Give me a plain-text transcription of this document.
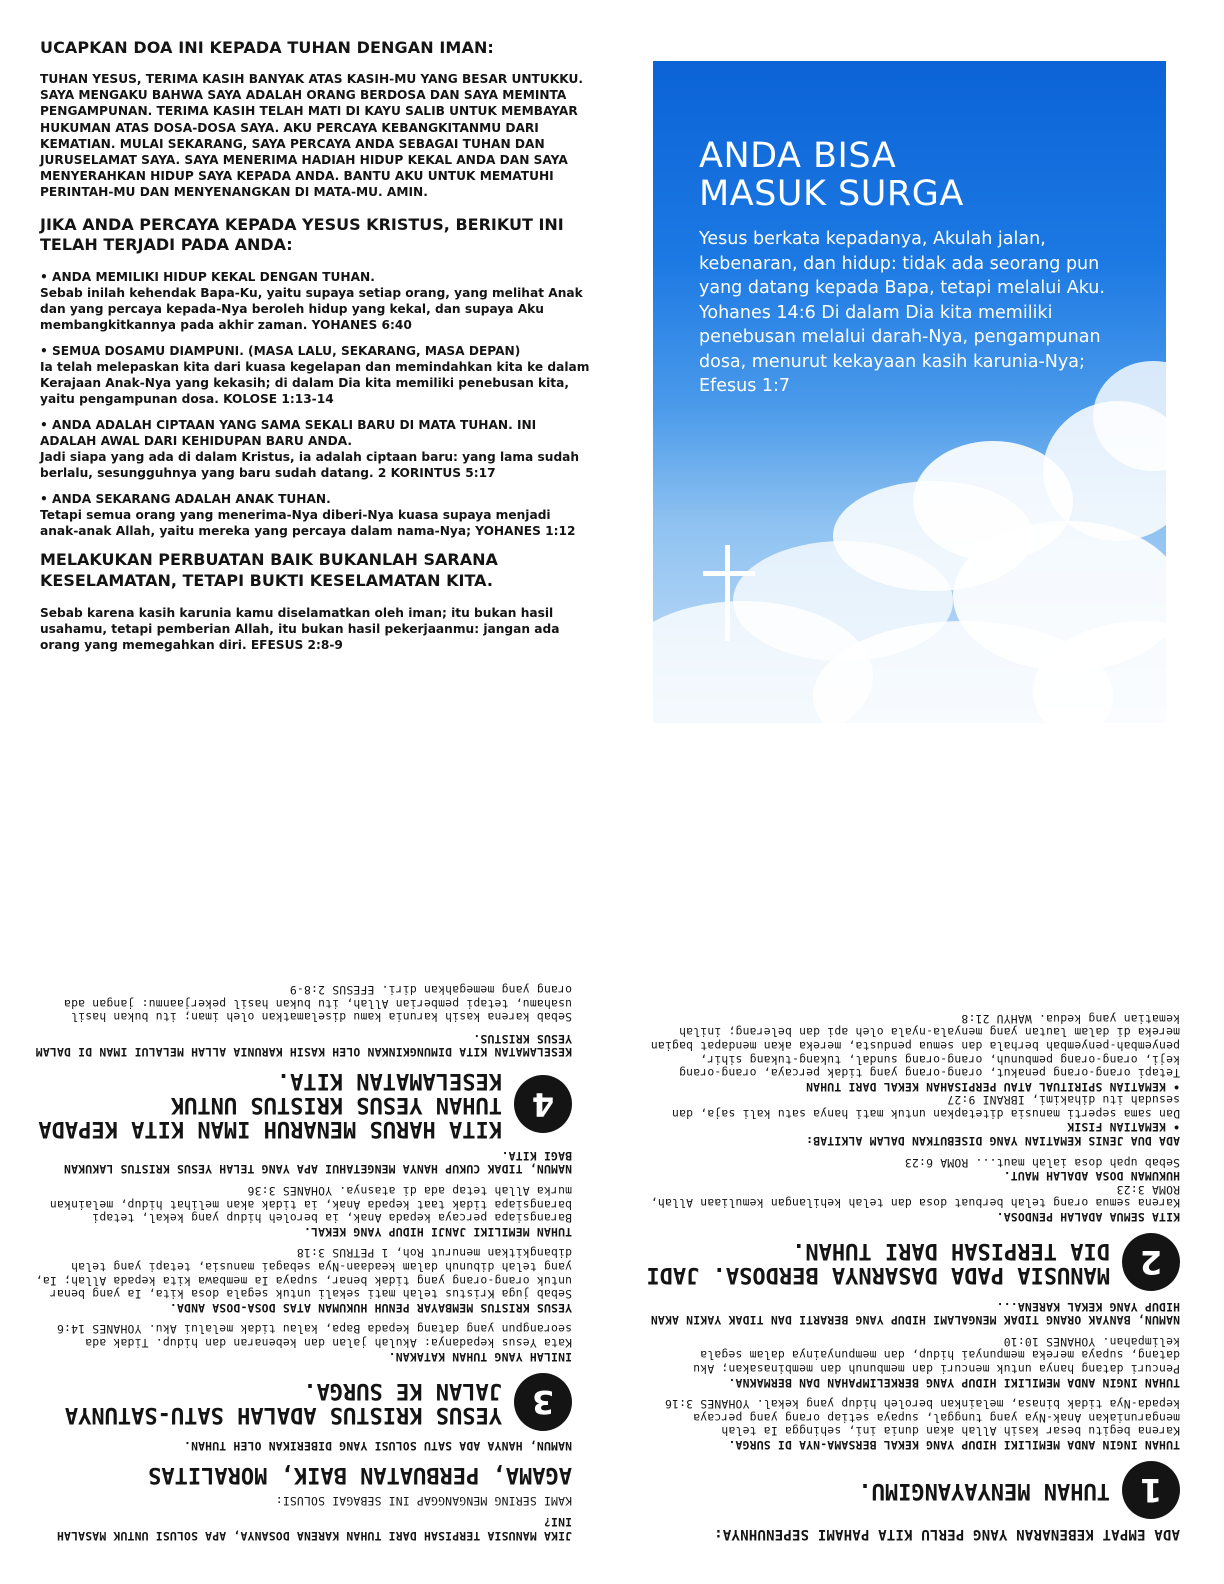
UCAPKAN DOA INI KEPADA TUHAN DENGAN IMAN:
TUHAN YESUS, TERIMA KASIH BANYAK ATAS KASIH-MU YANG BESAR UNTUKKU. SAYA MENGAKU BAHWA SAYA ADALAH ORANG BERDOSA DAN SAYA MEMINTA PENGAMPUNAN. TERIMA KASIH TELAH MATI DI KAYU SALIB UNTUK MEMBAYAR HUKUMAN ATAS DOSA-DOSA SAYA. AKU PERCAYA KEBANGKITANMU DARI KEMATIAN. MULAI SEKARANG, SAYA PERCAYA ANDA SEBAGAI TUHAN DAN JURUSELAMAT SAYA. SAYA MENERIMA HADIAH HIDUP KEKAL ANDA DAN SAYA MENYERAHKAN HIDUP SAYA KEPADA ANDA. BANTU AKU UNTUK MEMATUHI PERINTAH-MU DAN MENYENANGKAN DI MATA-MU. AMIN.
JIKA ANDA PERCAYA KEPADA YESUS KRISTUS, BERIKUT INI TELAH TERJADI PADA ANDA:
• ANDA MEMILIKI HIDUP KEKAL DENGAN TUHAN.
Sebab inilah kehendak Bapa-Ku, yaitu supaya setiap orang, yang melihat Anak dan yang percaya kepada-Nya beroleh hidup yang kekal, dan supaya Aku membangkitkannya pada akhir zaman. YOHANES 6:40
• SEMUA DOSAMU DIAMPUNI. (MASA LALU, SEKARANG, MASA DEPAN)
Ia telah melepaskan kita dari kuasa kegelapan dan memindahkan kita ke dalam Kerajaan Anak-Nya yang kekasih; di dalam Dia kita memiliki penebusan kita, yaitu pengampunan dosa. KOLOSE 1:13-14
• ANDA ADALAH CIPTAAN YANG SAMA SEKALI BARU DI MATA TUHAN. INI ADALAH AWAL DARI KEHIDUPAN BARU ANDA.
Jadi siapa yang ada di dalam Kristus, ia adalah ciptaan baru: yang lama sudah berlalu, sesungguhnya yang baru sudah datang. 2 KORINTUS 5:17
• ANDA SEKARANG ADALAH ANAK TUHAN.
Tetapi semua orang yang menerima-Nya diberi-Nya kuasa supaya menjadi anak-anak Allah, yaitu mereka yang percaya dalam nama-Nya; YOHANES 1:12
MELAKUKAN PERBUATAN BAIK BUKANLAH SARANA KESELAMATAN, TETAPI BUKTI KESELAMATAN KITA.
Sebab karena kasih karunia kamu diselamatkan oleh iman; itu bukan hasil usahamu, tetapi pemberian Allah, itu bukan hasil pekerjaanmu: jangan ada orang yang memegahkan diri. EFESUS 2:8-9
ANDA BISA
MASUK SURGA
Yesus berkata kepadanya, Akulah jalan, kebenaran, dan hidup: tidak ada seorang pun yang datang kepada Bapa, tetapi melalui Aku. Yohanes 14:6 Di dalam Dia kita memiliki penebusan melalui darah-Nya, pengampunan dosa, menurut kekayaan kasih karunia-Nya; Efesus 1:7
JIKA MANUSIA TERPISAH DARI TUHAN KARENA DOSANYA, APA SOLUSI UNTUK MASALAH INI?
KAMI SERING MENGANGGAP INI SEBAGAI SOLUSI:
AGAMA, PERBUATAN BAIK, MORALITAS
NAMUN, HANYA ADA SATU SOLUSI YANG DIBERIKAN OLEH TUHAN.
3
YESUS KRISTUS ADALAH SATU-SATUNYA JALAN KE SURGA.
INILAH YANG TUHAN KATAKAN.
Kata Yesus kepadanya: Akulah jalan dan kebenaran dan hidup. Tidak ada seorangpun yang datang kepada Bapa, kalau tidak melalui Aku. YOHANES 14:6
YESUS KRISTUS MEMBAYAR PENUH HUKUMAN ATAS DOSA-DOSA ANDA.
Sebab juga Kristus telah mati sekali untuk segala dosa kita, Ia yang benar untuk orang-orang yang tidak benar, supaya Ia membawa kita kepada Allah; Ia, yang telah dibunuh dalam keadaan-Nya sebagai manusia, tetapi yang telah dibangkitkan menurut Roh, 1 PETRUS 3:18
TUHAN MEMILIKI JANJI HIDUP YANG KEKAL.
Barangsiapa percaya kepada Anak, ia beroleh hidup yang kekal, tetapi barangsiapa tidak taat kepada Anak, ia tidak akan melihat hidup, melainkan murka Allah tetap ada di atasnya. YOHANES 3:36
NAMUN, TIDAK CUKUP HANYA MENGETAHUI APA YANG TELAH YESUS KRISTUS LAKUKAN BAGI KITA.
4
KITA HARUS MENARUH IMAN KITA KEPADA TUHAN YESUS KRISTUS UNTUK KESELAMATAN KITA.
KESELAMATAN KITA DIMUNGKINKAN OLEH KASIH KARUNIA ALLAH MELALUI IMAN DI DALAM YESUS KRISTUS.
Sebab karena kasih karunia kamu diselamatkan oleh iman; itu bukan hasil usahamu, tetapi pemberian Allah, itu bukan hasil pekerjaanmu: jangan ada orang yang memegahkan diri. EFESUS 2:8-9
ADA EMPAT KEBENARAN YANG PERLU KITA PAHAMI SEPENUHNYA:
1
TUHAN MENYAYANGIMU.
TUHAN INGIN ANDA MEMILIKI HIDUP YANG KEKAL BERSAMA-NYA DI SURGA.
Karena begitu besar kasih Allah akan dunia ini, sehingga Ia telah mengaruniakan Anak-Nya yang tunggal, supaya setiap orang yang percaya kepada-Nya tidak binasa, melainkan beroleh hidup yang kekal. YOHANES 3:16
TUHAN INGIN ANDA MEMILIKI HIDUP YANG BERKELIMPAHAN DAN BERMAKNA.
Pencuri datang hanya untuk mencuri dan membunuh dan membinasakan; Aku datang, supaya mereka mempunyai hidup, dan mempunyainya dalam segala kelimpahan. YOHANES 10:10
NAMUN, BANYAK ORANG TIDAK MENGALAMI HIDUP YANG BERARTI DAN TIDAK YAKIN AKAN HIDUP YANG KEKAL KARENA...
2
MANUSIA PADA DASARNYA BERDOSA. JADI DIA TERPISAH DARI TUHAN.
KITA SEMUA ADALAH PENDOSA.
Karena semua orang telah berbuat dosa dan telah kehilangan kemuliaan Allah, ROMA 3:23
HUKUMAN DOSA ADALAH MAUT.
Sebab upah dosa ialah maut... ROMA 6:23
ADA DUA JENIS KEMATIAN YANG DISEBUTKAN DALAM ALKITAB:
• KEMATIAN FISIK
Dan sama seperti manusia ditetapkan untuk mati hanya satu kali saja, dan sesudah itu dihakimi, IBRANI 9:27
• KEMATIAN SPIRITUAL ATAU PERPISAHAN KEKAL DARI TUHAN
Tetapi orang-orang penakut, orang-orang yang tidak percaya, orang-orang keji, orang-orang pembunuh, orang-orang sundal, tukang-tukang sihir, penyembah-penyembah berhala dan semua pendusta, mereka akan mendapat bagian mereka di dalam lautan yang menyala-nyala oleh api dan belerang; inilah kematian yang kedua. WAHYU 21:8
